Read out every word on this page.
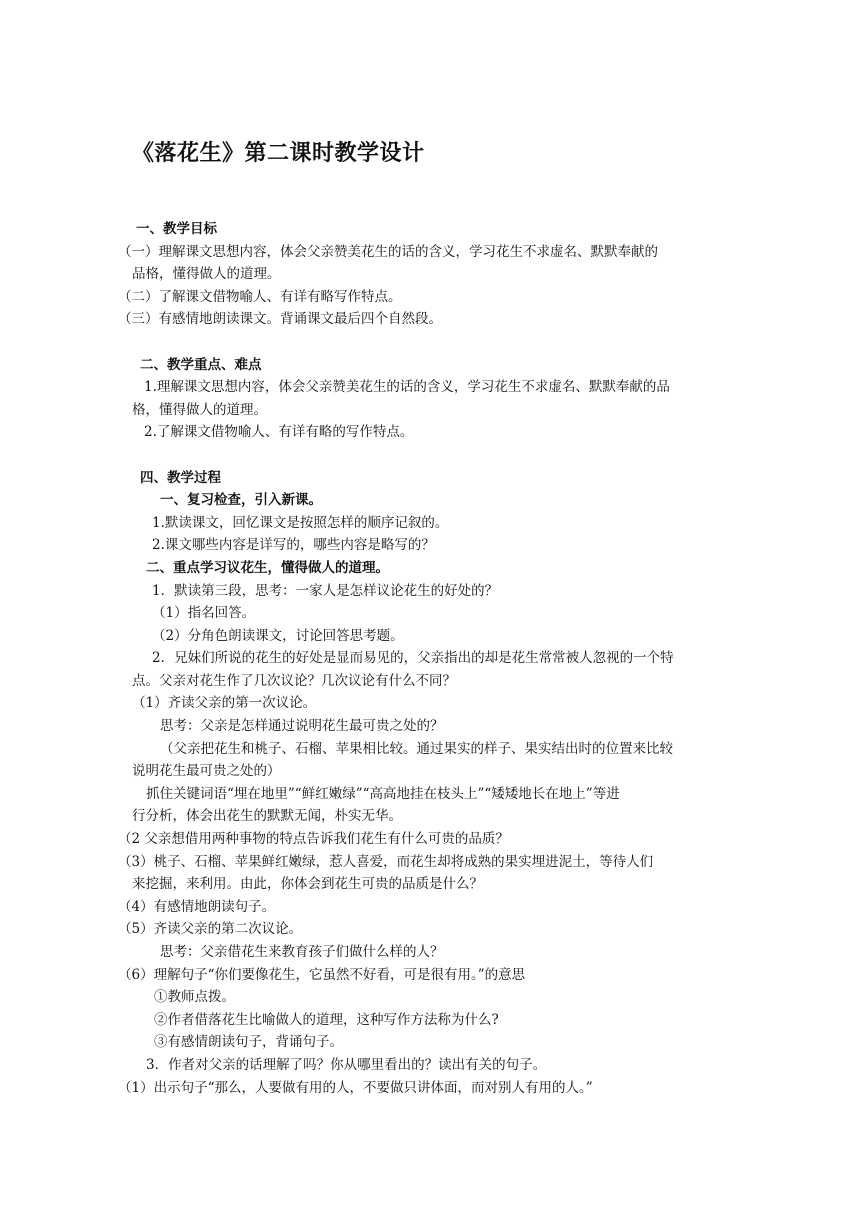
《落花生》第二课时教学设计
一、教学目标
（一）理解课文思想内容，体会父亲赞美花生的话的含义，学习花生不求虚名、默默奉献的
品格，懂得做人的道理。
（二）了解课文借物喻人、有详有略写作特点。
（三）有感情地朗读课文。背诵课文最后四个自然段。
二、教学重点、难点
1.理解课文思想内容，体会父亲赞美花生的话的含义，学习花生不求虚名、默默奉献的品
格，懂得做人的道理。
2.了解课文借物喻人、有详有略的写作特点。
四、教学过程
一、复习检查，引入新课。
1.默读课文，回忆课文是按照怎样的顺序记叙的。
2.课文哪些内容是详写的，哪些内容是略写的？
二、重点学习议花生，懂得做人的道理。
1．默读第三段，思考：一家人是怎样议论花生的好处的？
（1）指名回答。
（2）分角色朗读课文，讨论回答思考题。
2．兄妹们所说的花生的好处是显而易见的，父亲指出的却是花生常常被人忽视的一个特
点。父亲对花生作了几次议论？几次议论有什么不同？
（1）齐读父亲的第一次议论。
思考：父亲是怎样通过说明花生最可贵之处的？
（父亲把花生和桃子、石榴、苹果相比较。通过果实的样子、果实结出时的位置来比较
说明花生最可贵之处的）
抓住关键词语“埋在地里”“鲜红嫩绿”“高高地挂在枝头上”“矮矮地长在地上”等进
行分析，体会出花生的默默无闻，朴实无华。
（2 父亲想借用两种事物的特点告诉我们花生有什么可贵的品质？
（3）桃子、石榴、苹果鲜红嫩绿，惹人喜爱，而花生却将成熟的果实埋进泥土，等待人们
来挖掘，来利用。由此，你体会到花生可贵的品质是什么？
（4）有感情地朗读句子。
（5）齐读父亲的第二次议论。
思考：父亲借花生来教育孩子们做什么样的人？
（6）理解句子“你们要像花生，它虽然不好看，可是很有用。”的意思
①教师点拨。
②作者借落花生比喻做人的道理，这种写作方法称为什么?
③有感情朗读句子，背诵句子。
3．作者对父亲的话理解了吗？你从哪里看出的？读出有关的句子。
（1）出示句子“那么，人要做有用的人，不要做只讲体面，而对别人有用的人。”
